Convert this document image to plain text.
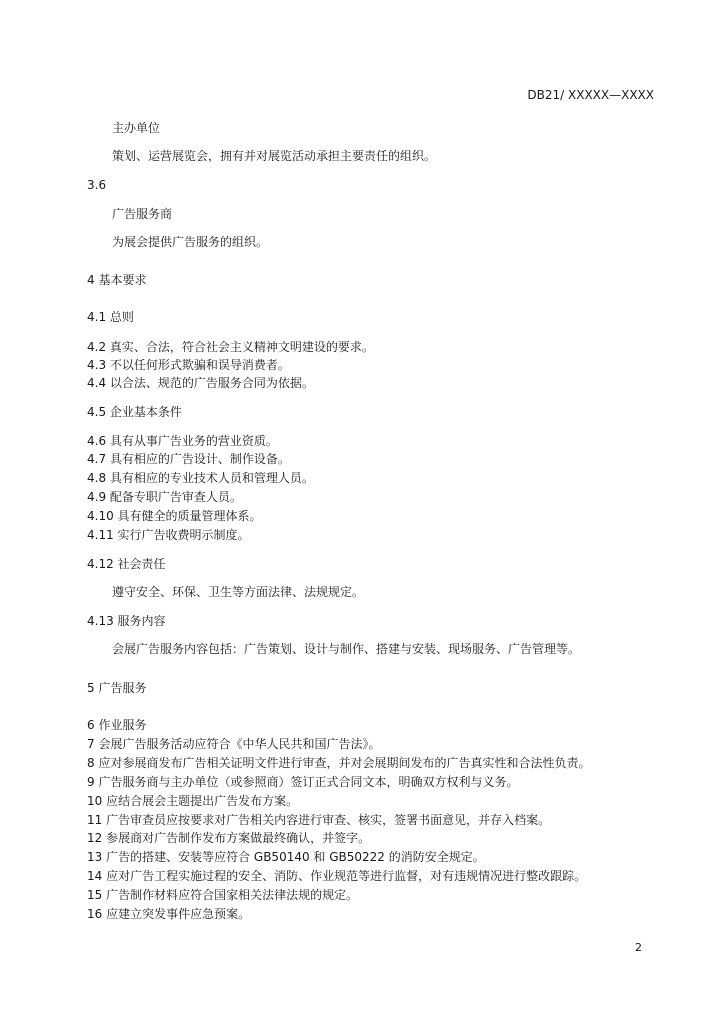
DB21/ XXXXX—XXXX
主办单位
策划、运营展览会，拥有并对展览活动承担主要责任的组织。
3.6
广告服务商
为展会提供广告服务的组织。
4 基本要求
4.1 总则
4.2 真实、合法，符合社会主义精神文明建设的要求。
4.3 不以任何形式欺骗和误导消费者。
4.4 以合法、规范的广告服务合同为依据。
4.5 企业基本条件
4.6 具有从事广告业务的营业资质。
4.7 具有相应的广告设计、制作设备。
4.8 具有相应的专业技术人员和管理人员。
4.9 配备专职广告审查人员。
4.10 具有健全的质量管理体系。
4.11 实行广告收费明示制度。
4.12 社会责任
遵守安全、环保、卫生等方面法律、法规规定。
4.13 服务内容
会展广告服务内容包括：广告策划、设计与制作、搭建与安装、现场服务、广告管理等。
5 广告服务
6 作业服务
7 会展广告服务活动应符合《中华人民共和国广告法》。
8 应对参展商发布广告相关证明文件进行审查，并对会展期间发布的广告真实性和合法性负责。
9 广告服务商与主办单位（或参照商）签订正式合同文本，明确双方权利与义务。
10 应结合展会主题提出广告发布方案。
11 广告审查员应按要求对广告相关内容进行审查、核实，签署书面意见，并存入档案。
12 参展商对广告制作发布方案做最终确认，并签字。
13 广告的搭建、安装等应符合 GB50140 和 GB50222 的消防安全规定。
14 应对广告工程实施过程的安全、消防、作业规范等进行监督，对有违规情况进行整改跟踪。
15 广告制作材料应符合国家相关法律法规的规定。
16 应建立突发事件应急预案。
2
